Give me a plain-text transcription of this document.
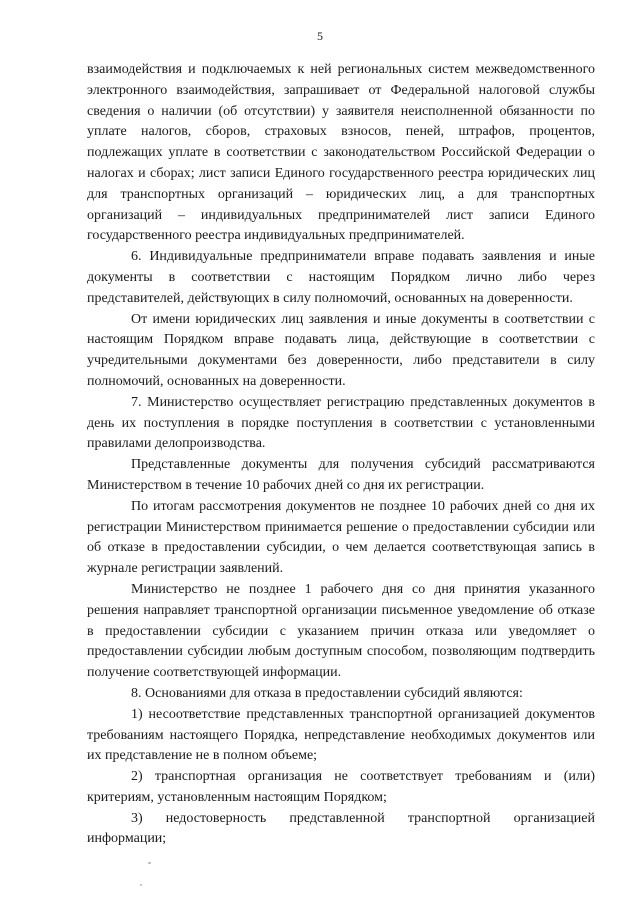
5

взаимодействия и подключаемых к ней региональных систем межведомственного электронного взаимодействия, запрашивает от Федеральной налоговой службы сведения о наличии (об отсутствии) у заявителя неисполненной обязанности по уплате налогов, сборов, страховых взносов, пеней, штрафов, процентов, подлежащих уплате в соответствии с законодательством Российской Федерации о налогах и сборах; лист записи Единого государственного реестра юридических лиц для транспортных организаций – юридических лиц, а для транспортных организаций – индивидуальных предпринимателей лист записи Единого государственного реестра индивидуальных предпринимателей.

6. Индивидуальные предприниматели вправе подавать заявления и иные документы в соответствии с настоящим Порядком лично либо через представителей, действующих в силу полномочий, основанных на доверенности.

От имени юридических лиц заявления и иные документы в соответствии с настоящим Порядком вправе подавать лица, действующие в соответствии с учредительными документами без доверенности, либо представители в силу полномочий, основанных на доверенности.

7. Министерство осуществляет регистрацию представленных документов в день их поступления в порядке поступления в соответствии с установленными правилами делопроизводства.

Представленные документы для получения субсидий рассматриваются Министерством в течение 10 рабочих дней со дня их регистрации.

По итогам рассмотрения документов не позднее 10 рабочих дней со дня их регистрации Министерством принимается решение о предоставлении субсидии или об отказе в предоставлении субсидии, о чем делается соответствующая запись в журнале регистрации заявлений.

Министерство не позднее 1 рабочего дня со дня принятия указанного решения направляет транспортной организации письменное уведомление об отказе в предоставлении субсидии с указанием причин отказа или уведомляет о предоставлении субсидии любым доступным способом, позволяющим подтвердить получение соответствующей информации.

8. Основаниями для отказа в предоставлении субсидий являются:

1) несоответствие представленных транспортной организацией документов требованиям настоящего Порядка, непредставление необходимых документов или их представление не в полном объеме;

2) транспортная организация не соответствует требованиям и (или) критериям, установленным настоящим Порядком;

3) недостоверность представленной транспортной организацией информации;
